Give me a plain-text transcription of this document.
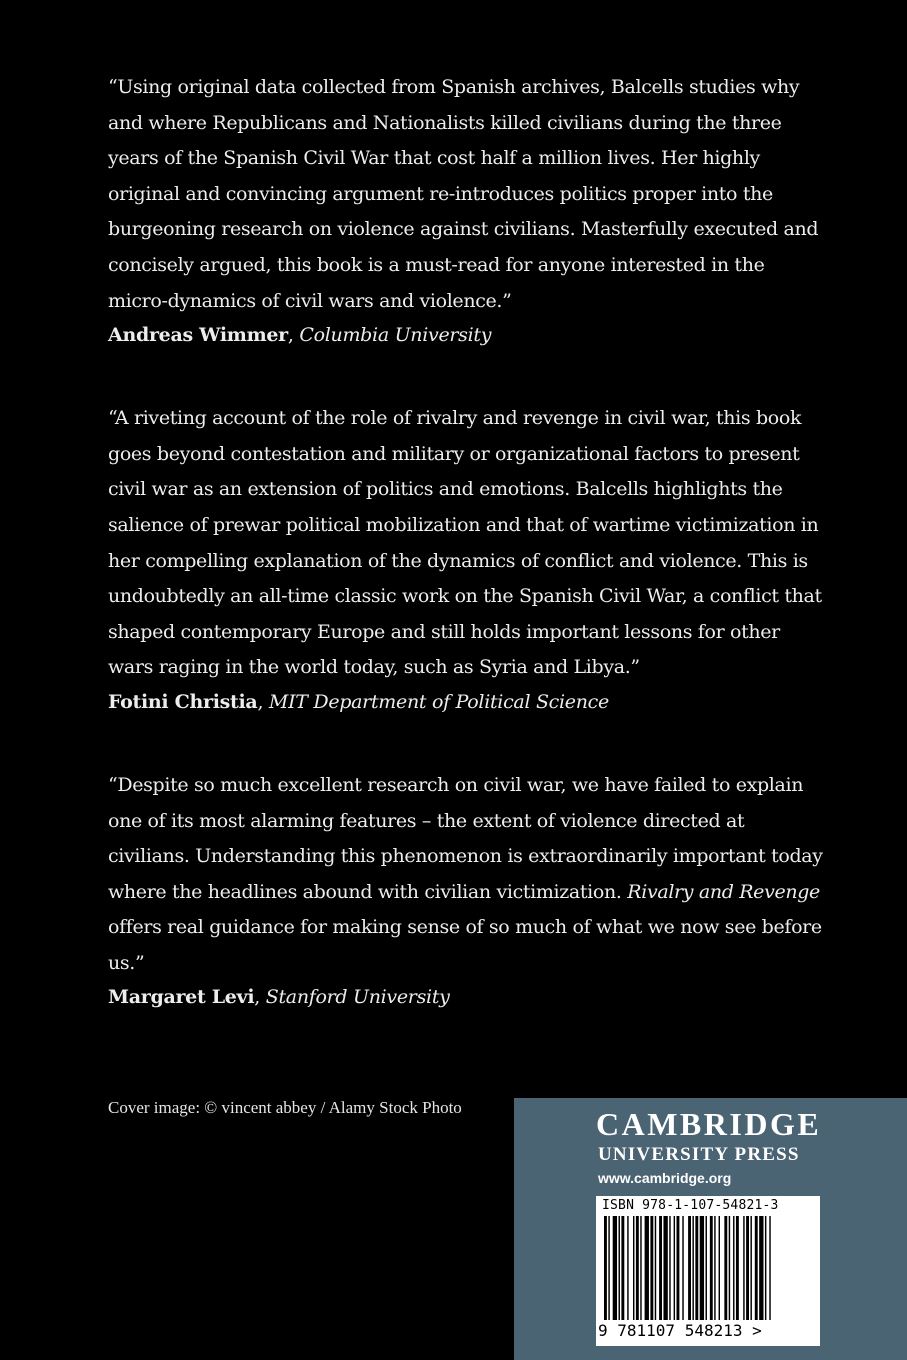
“Using original data collected from Spanish archives, Balcells studies why and where Republicans and Nationalists killed civilians during the three years of the Spanish Civil War that cost half a million lives. Her highly original and convincing argument re-introduces politics proper into the burgeoning research on violence against civilians. Masterfully executed and concisely argued, this book is a must-read for anyone interested in the micro-dynamics of civil wars and violence.”

Andreas Wimmer, Columbia University

“A riveting account of the role of rivalry and revenge in civil war, this book goes beyond contestation and military or organizational factors to present civil war as an extension of politics and emotions. Balcells highlights the salience of prewar political mobilization and that of wartime victimization in her compelling explanation of the dynamics of conflict and violence. This is undoubtedly an all-time classic work on the Spanish Civil War, a conflict that shaped contemporary Europe and still holds important lessons for other wars raging in the world today, such as Syria and Libya.”

Fotini Christia, MIT Department of Political Science

“Despite so much excellent research on civil war, we have failed to explain one of its most alarming features – the extent of violence directed at civilians. Understanding this phenomenon is extraordinarily important today where the headlines abound with civilian victimization. Rivalry and Revenge offers real guidance for making sense of so much of what we now see before us.”

Margaret Levi, Stanford University

Cover image: © vincent abbey / Alamy Stock Photo	CAMBRIDGE
UNIVERSITY PRESS
www.cambridge.org
ISBN 978-1-107-54821-3
9 781107 548213 >
